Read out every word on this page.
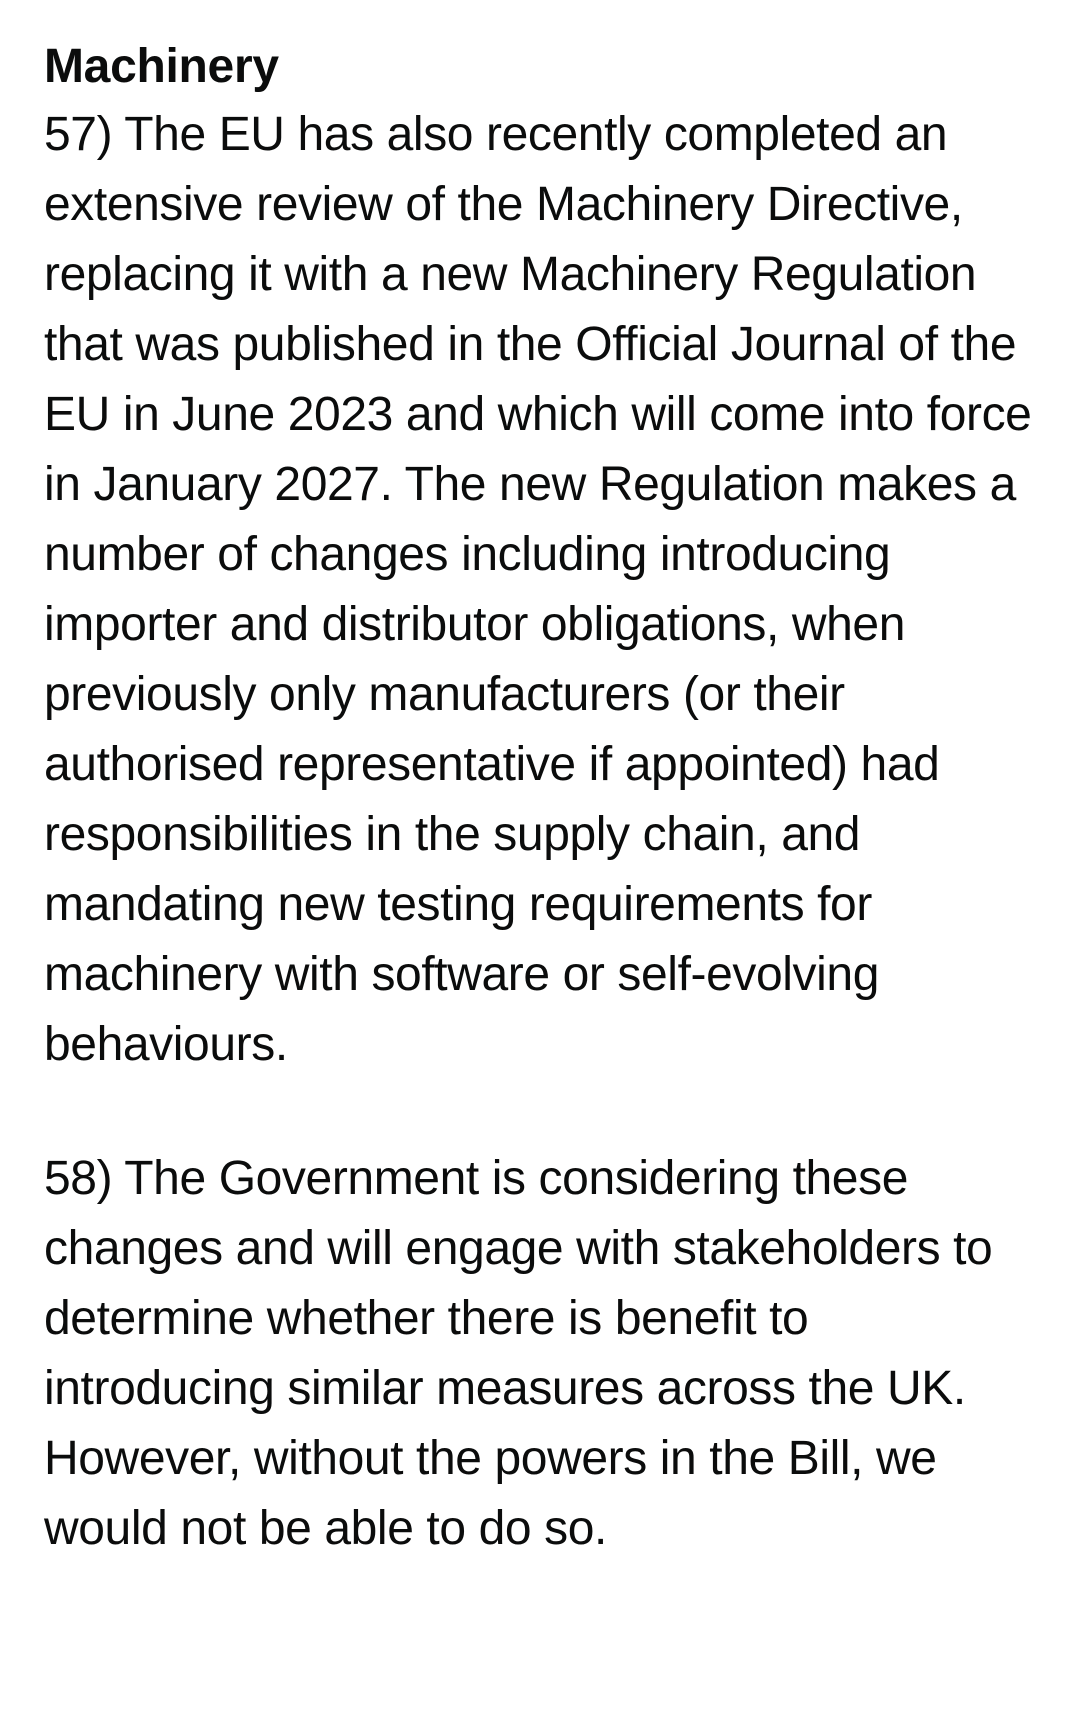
Machinery

57) The EU has also recently completed an extensive review of the Machinery Directive, replacing it with a new Machinery Regulation that was published in the Official Journal of the EU in June 2023 and which will come into force in January 2027. The new Regulation makes a number of changes including introducing importer and distributor obligations, when previously only manufacturers (or their authorised representative if appointed) had responsibilities in the supply chain, and mandating new testing requirements for machinery with software or self-evolving behaviours.

58) The Government is considering these changes and will engage with stakeholders to determine whether there is benefit to introducing similar measures across the UK. However, without the powers in the Bill, we would not be able to do so.
